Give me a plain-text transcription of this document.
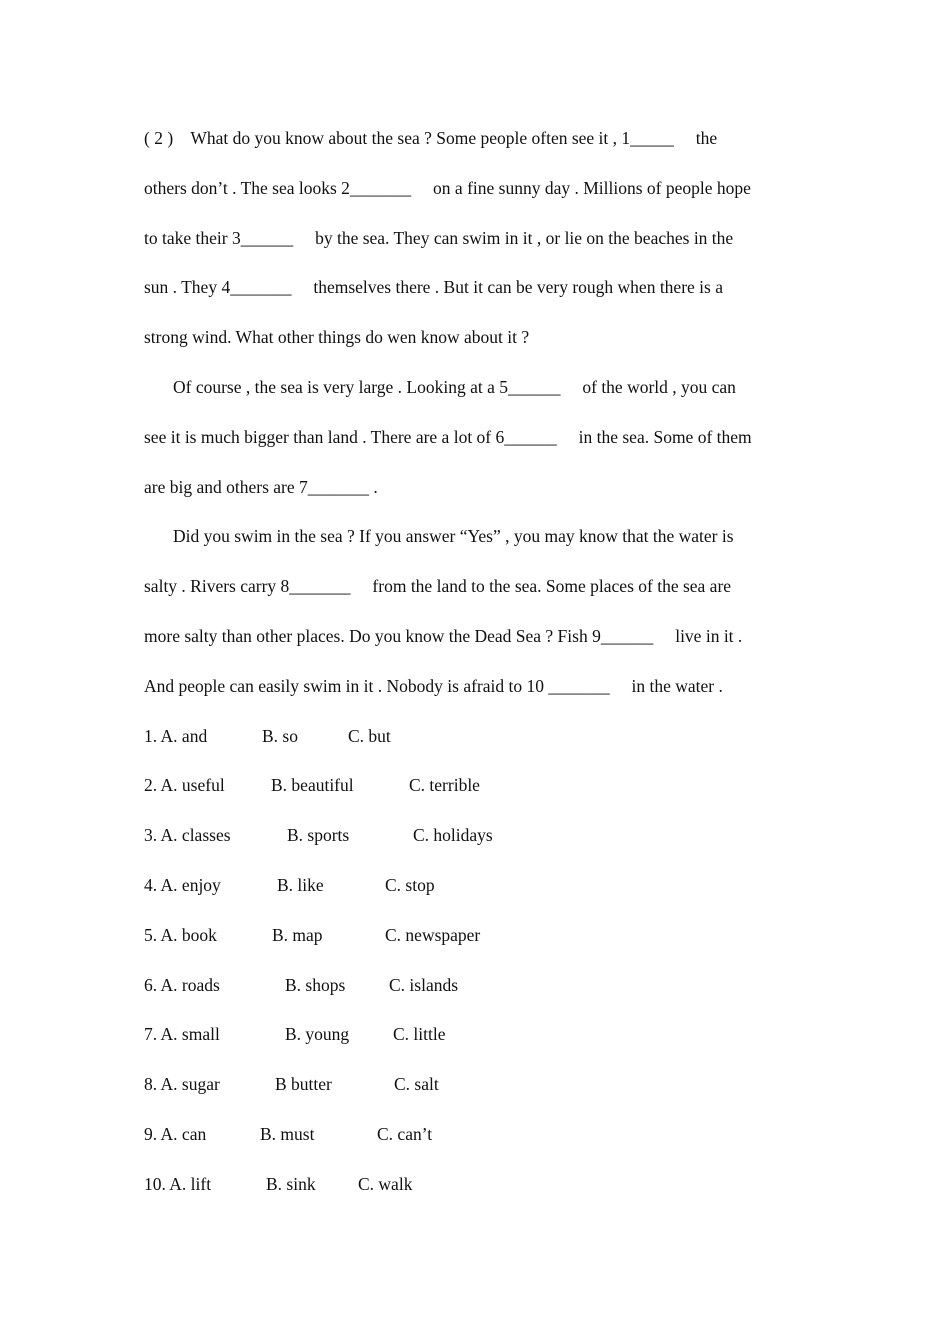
( 2 )    What do you know about the sea ? Some people often see it , 1_____     the
others don’t . The sea looks 2_______     on a fine sunny day . Millions of people hope
to take their 3______     by the sea. They can swim in it , or lie on the beaches in the
sun . They 4_______     themselves there . But it can be very rough when there is a
strong wind. What other things do wen know about it ?
Of course , the sea is very large . Looking at a 5______     of the world , you can
see it is much bigger than land . There are a lot of 6______     in the sea. Some of them
are big and others are 7_______ .
Did you swim in the sea ? If you answer “Yes” , you may know that the water is
salty . Rivers carry 8_______     from the land to the sea. Some places of the sea are
more salty than other places. Do you know the Dead Sea ? Fish 9______     live in it .
And people can easily swim in it . Nobody is afraid to 10 _______     in the water .
1. A. and	B. so	C. but
2. A. useful	B. beautiful	C. terrible
3. A. classes	B. sports	C. holidays
4. A. enjoy	B. like	C. stop
5. A. book	B. map	C. newspaper
6. A. roads	B. shops C. islands
7. A. small	B. young	C. little
8. A. sugar	B butter	C. salt
9. A. can	B. must	C. can’t
10. A. lift	B. sink C. walk
